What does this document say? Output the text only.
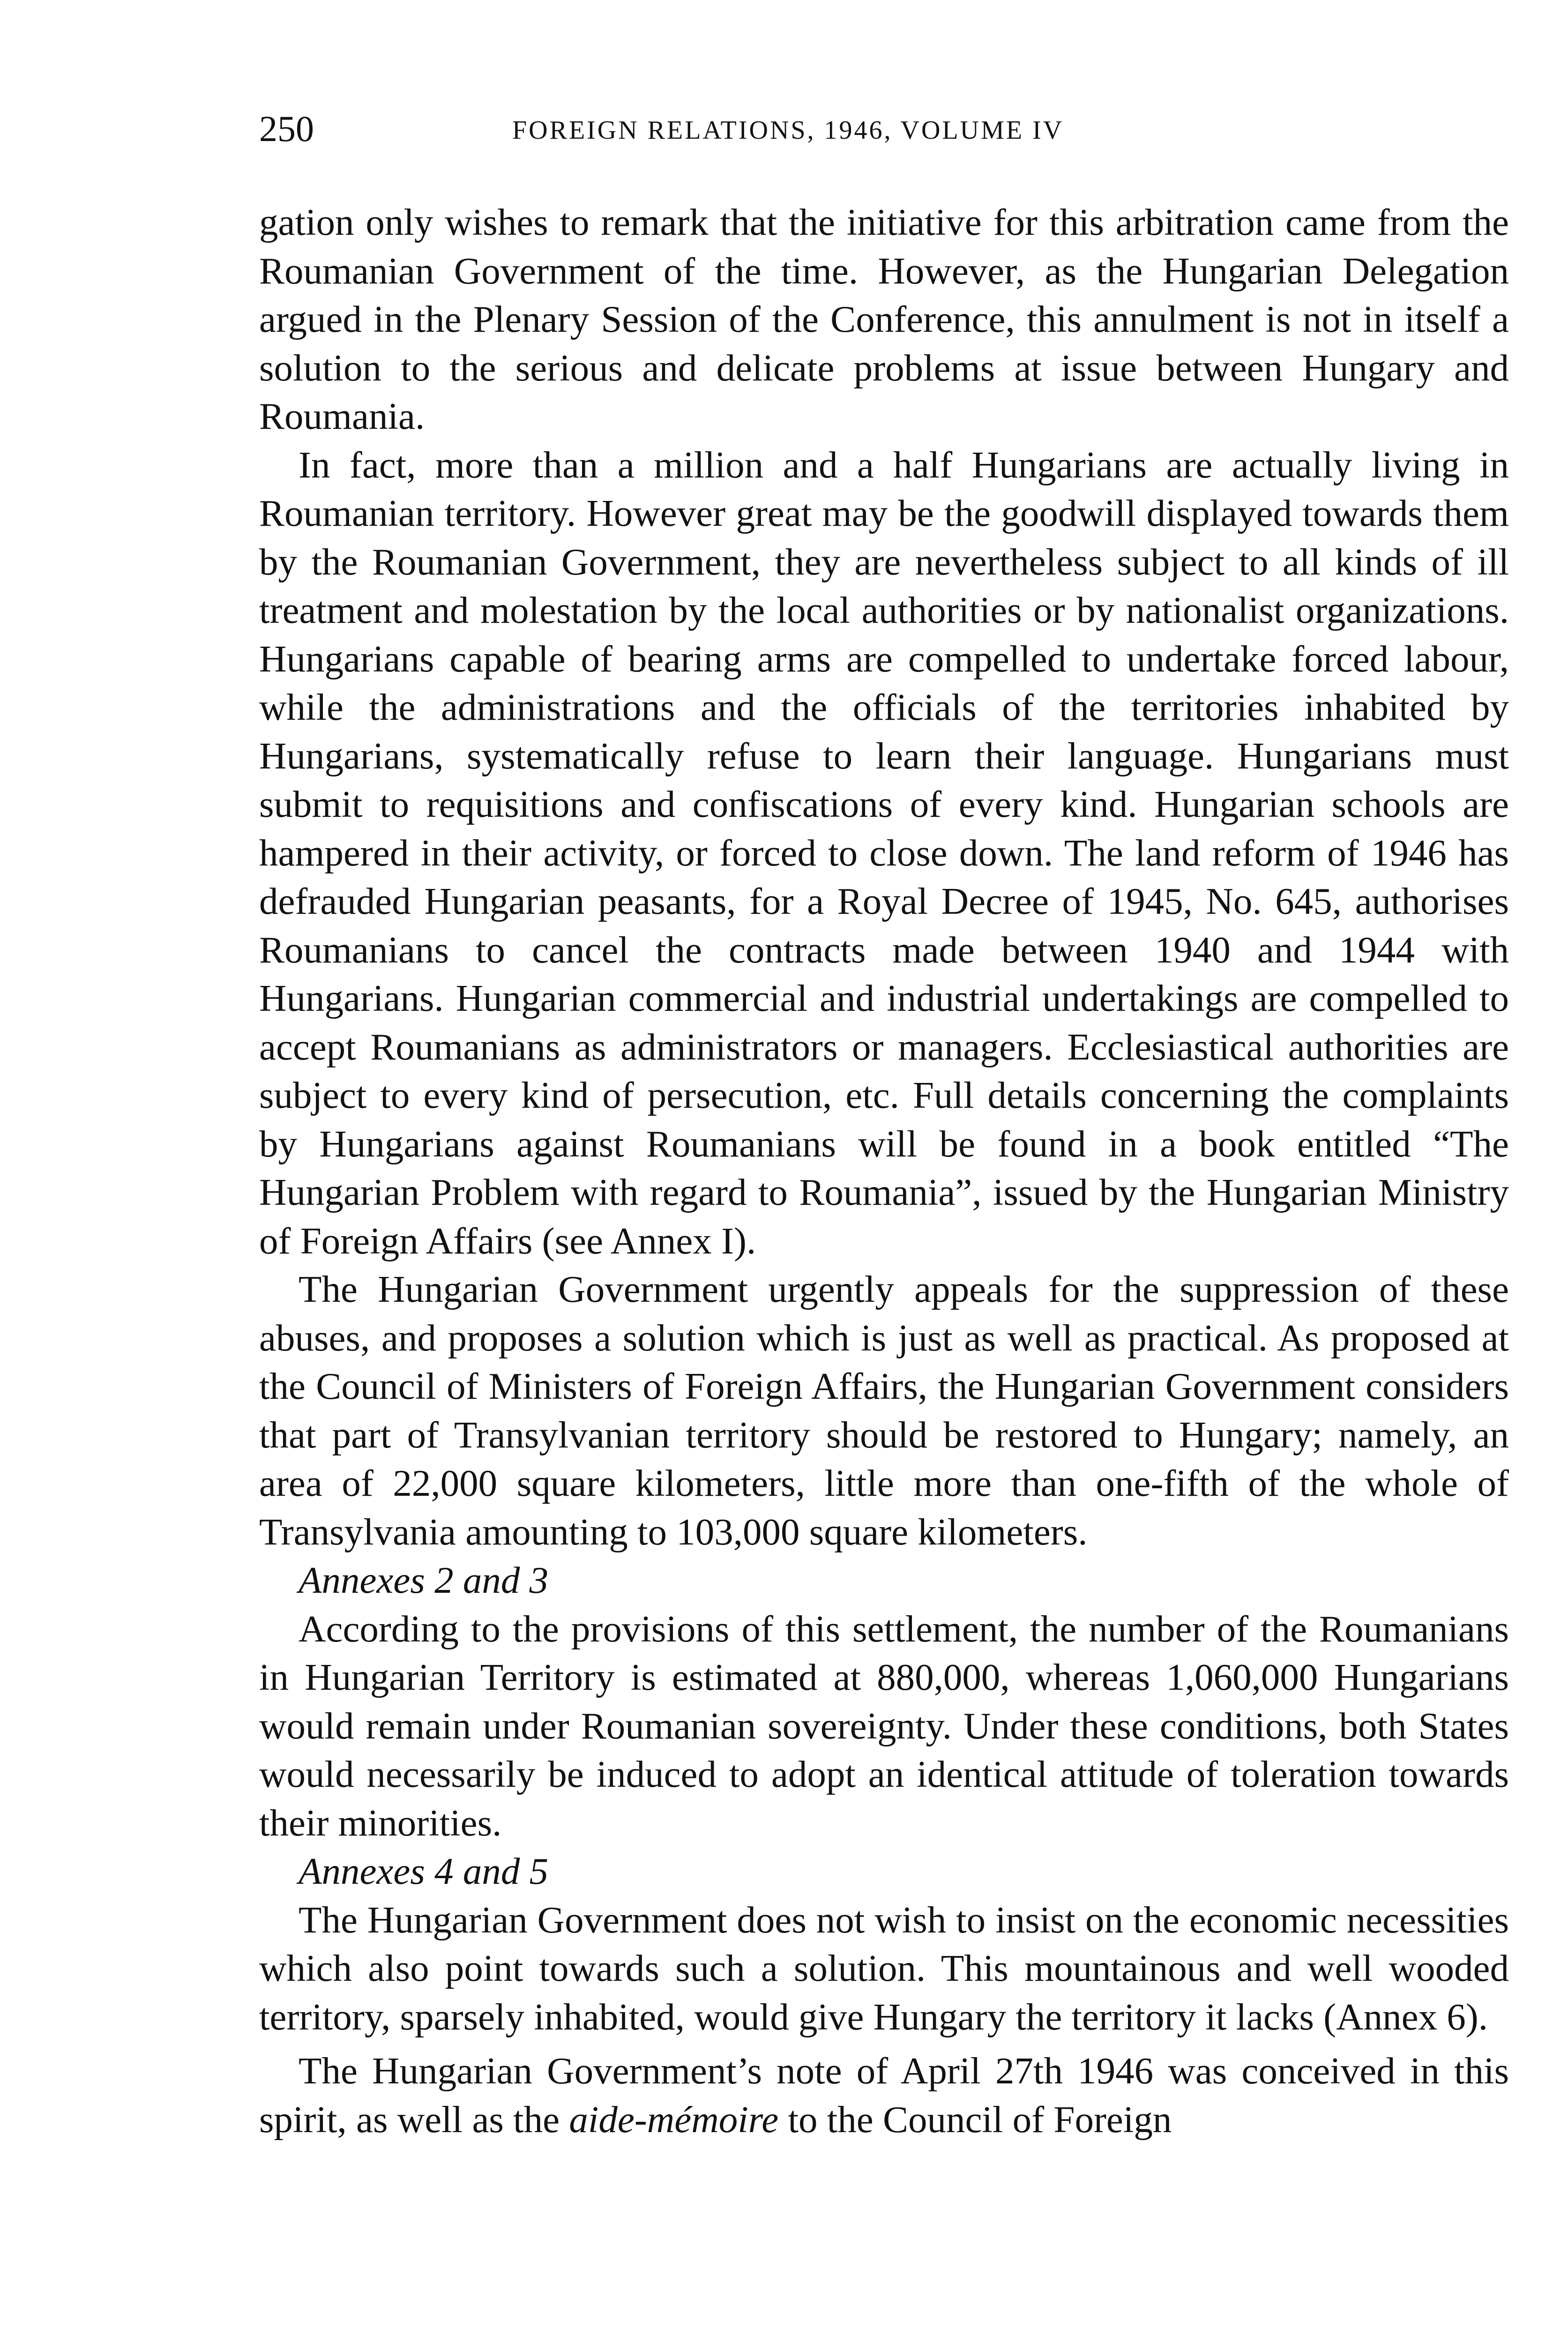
250	FOREIGN RELATIONS, 1946, VOLUME IV

gation only wishes to remark that the initiative for this arbitration came from the Roumanian Government of the time. However, as the Hungarian Delegation argued in the Plenary Session of the Conference, this annulment is not in itself a solution to the serious and delicate problems at issue between Hungary and Roumania.

In fact, more than a million and a half Hungarians are actually living in Roumanian territory. However great may be the goodwill displayed towards them by the Roumanian Government, they are nevertheless subject to all kinds of ill treatment and molestation by the local authorities or by nationalist organizations. Hungarians capable of bearing arms are compelled to undertake forced labour, while the administrations and the officials of the territories inhabited by Hungarians, systematically refuse to learn their language. Hungarians must submit to requisitions and confiscations of every kind. Hungarian schools are hampered in their activity, or forced to close down. The land reform of 1946 has defrauded Hungarian peasants, for a Royal Decree of 1945, No. 645, authorises Roumanians to cancel the contracts made between 1940 and 1944 with Hungarians. Hungarian commercial and industrial undertakings are compelled to accept Roumanians as administrators or managers. Ecclesiastical authorities are subject to every kind of persecution, etc. Full details concerning the complaints by Hungarians against Roumanians will be found in a book entitled “The Hungarian Problem with regard to Roumania”, issued by the Hungarian Ministry of Foreign Affairs (see Annex I).

The Hungarian Government urgently appeals for the suppression of these abuses, and proposes a solution which is just as well as practical. As proposed at the Council of Ministers of Foreign Affairs, the Hungarian Government considers that part of Transylvanian territory should be restored to Hungary; namely, an area of 22,000 square kilometers, little more than one-fifth of the whole of Transylvania amounting to 103,000 square kilometers.

Annexes 2 and 3

According to the provisions of this settlement, the number of the Roumanians in Hungarian Territory is estimated at 880,000, whereas 1,060,000 Hungarians would remain under Roumanian sovereignty. Under these conditions, both States would necessarily be induced to adopt an identical attitude of toleration towards their minorities.

Annexes 4 and 5

The Hungarian Government does not wish to insist on the economic necessities which also point towards such a solution. This mountainous and well wooded territory, sparsely inhabited, would give Hungary the territory it lacks (Annex 6).

The Hungarian Government’s note of April 27th 1946 was conceived in this spirit, as well as the aide-mémoire to the Council of Foreign
